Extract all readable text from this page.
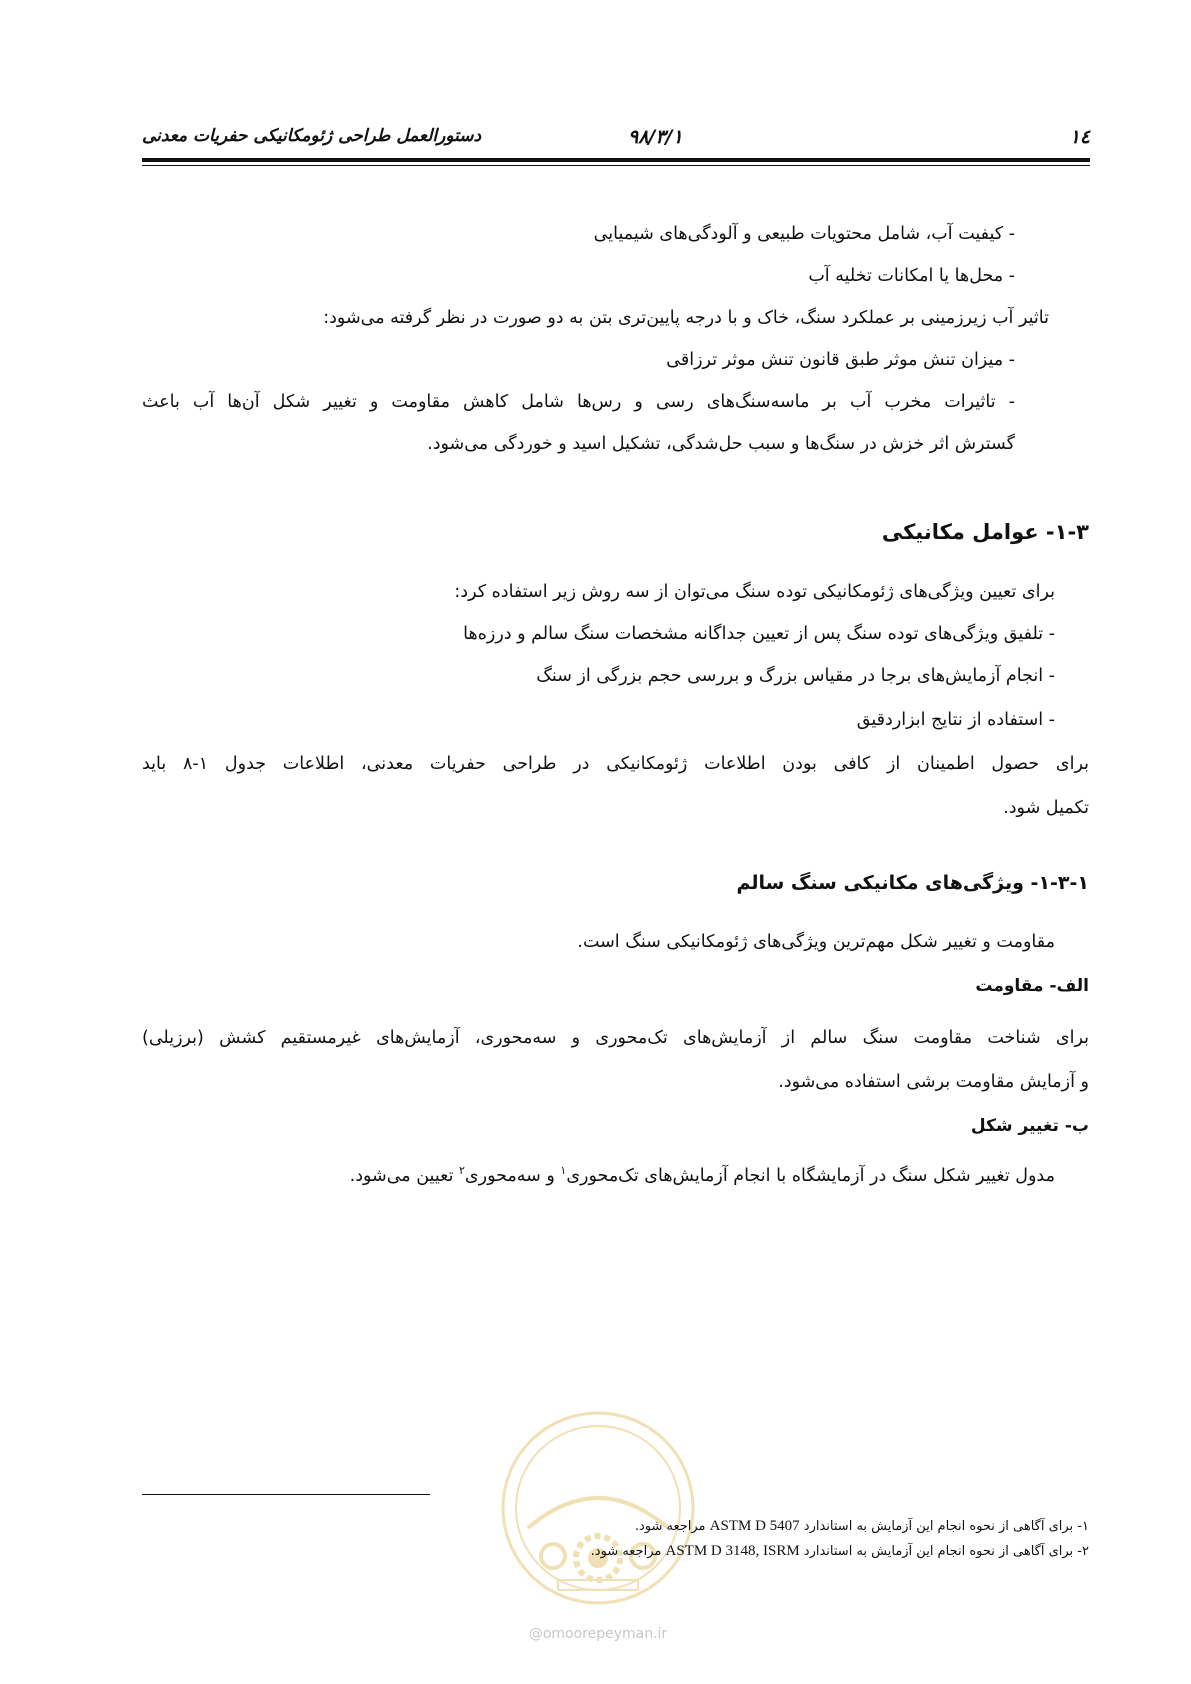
۱٤
۹۸/۳/۱
دستورالعمل طراحی ژئومکانیکی حفریات معدنی
- کیفیت آب، شامل محتویات طبیعی و آلودگی‌های شیمیایی
- محل‌ها یا امکانات تخلیه آب
تاثیر آب زیرزمینی بر عملکرد سنگ، خاک و با درجه پایین‌تری بتن به دو صورت در نظر گرفته می‌شود:
- میزان تنش موثر طبق قانون تنش موثر ترزاقی
- تاثیرات مخرب آب بر ماسه‌سنگ‌های رسی و رس‌ها شامل کاهش مقاومت و تغییر شکل آن‌ها آب باعث
گسترش اثر خزش در سنگ‌ها و سبب حل‌شدگی، تشکیل اسید و خوردگی می‌شود.
۱-۳- عوامل مکانیکی
برای تعیین ویژگی‌های ژئومکانیکی توده سنگ می‌توان از سه روش زیر استفاده کرد:
- تلفیق ویژگی‌های توده سنگ پس از تعیین جداگانه مشخصات سنگ سالم و درزه‌ها
- انجام آزمایش‌های برجا در مقیاس بزرگ و بررسی حجم بزرگی از سنگ
- استفاده از نتایج ابزاردقیق
برای حصول اطمینان از کافی بودن اطلاعات ژئومکانیکی در طراحی حفریات معدنی، اطلاعات جدول ۱-۸ باید
تکمیل شود.
۱-۳-۱- ویژگی‌های مکانیکی سنگ سالم
مقاومت و تغییر شکل مهم‌ترین ویژگی‌های ژئومکانیکی سنگ است.
الف- مقاومت
برای شناخت مقاومت سنگ سالم از آزمایش‌های تک‌محوری و سه‌محوری، آزمایش‌های غیرمستقیم کشش (برزیلی)
و آزمایش مقاومت برشی استفاده می‌شود.
ب- تغییر شکل
مدول تغییر شکل سنگ در آزمایشگاه با انجام آزمایش‌های تک‌محوری$^۱$ و سه‌محوری$^۲$ تعیین می‌شود.
@omoorepeyman.ir
۱- برای آگاهی از نحوه انجام این آزمایش به استاندارد ASTM D 5407 مراجعه شود.
۲- برای آگاهی از نحوه انجام این آزمایش به استاندارد ASTM D 3148, ISRM مراجعه شود.
